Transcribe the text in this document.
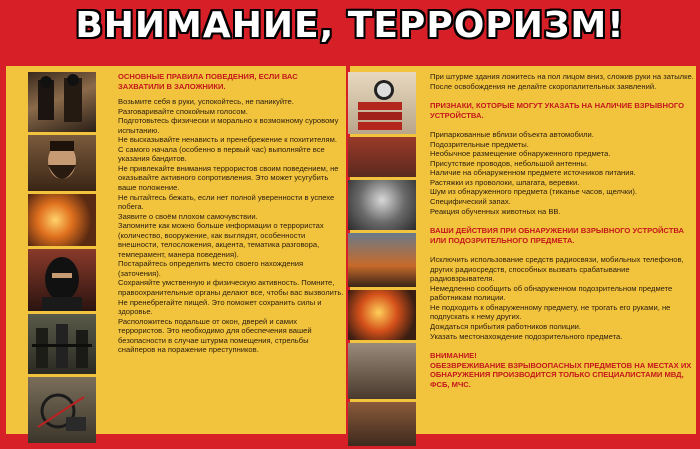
ВНИМАНИЕ, ТЕРРОРИЗМ!

ОСНОВНЫЕ ПРАВИЛА ПОВЕДЕНИЯ, ЕСЛИ ВАС ЗАХВАТИЛИ В ЗАЛОЖНИКИ.

Возьмите себя в руки, успокойтесь, не паникуйте.

Разговаривайте спокойным голосом.

Подготовьтесь физически и морально к возможному суровому испытанию.

Не высказывайте ненависть и пренебрежение к похитителям.

С самого начала (особенно в первый час) выполняйте все указания бандитов.

Не привлекайте внимания террористов своим поведением, не оказывайте активного сопротивления. Это может усугубить ваше положение.

Не пытайтесь бежать, если нет полной уверенности в успехе побега.

Заявите о своём плохом самочувствии.

Запомните как можно больше информации о террористах (количество, вооружение, как выглядят, особенности внешности, телосложения, акцента, тематика разговора, темперамент, манера поведения).

Постарайтесь определить место своего нахождения (заточения).

Сохраняйте умственную и физическую активность. Помните, правоохранительные органы делают все, чтобы вас вызволить.

Не пренебрегайте пищей. Это поможет сохранить силы и здоровье.

Расположитесь подальше от окон, дверей и самих террористов. Это необходимо для обеспечения вашей безопасности в случае штурма помещения, стрельбы снайперов на поражение преступников.

При штурме здания ложитесь на пол лицом вниз, сложив руки на затылке.

После освобождения не делайте скоропалительных заявлений.

ПРИЗНАКИ, КОТОРЫЕ МОГУТ УКАЗАТЬ НА НАЛИЧИЕ ВЗРЫВНОГО УСТРОЙСТВА.

Припаркованные вблизи объекта автомобили.

Подозрительные предметы.

Необычное размещение обнаруженного предмета.

Присутствие проводов, небольшой антенны.

Наличие на обнаруженном предмете источников питания.

Растяжки из проволоки, шпагата, веревки.

Шум из обнаруженного предмета (тиканье часов, щелчки).

Специфический запах.

Реакция обученных животных на ВВ.

ВАШИ ДЕЙСТВИЯ ПРИ ОБНАРУЖЕНИИ ВЗРЫВНОГО УСТРОЙСТВА ИЛИ ПОДОЗРИТЕЛЬНОГО ПРЕДМЕТА.

Исключить использование средств радиосвязи, мобильных телефонов, других радиосредств, способных вызвать срабатывание радиовзрывателя.

Немедленно сообщить об обнаруженном подозрительном предмете работникам полиции.

Не подходить к обнаруженному предмету, не трогать его руками, не подпускать к нему других.

Дождаться прибытия работников полиции.

Указать местонахождение подозрительного предмета.

ВНИМАНИЕ!

ОБЕЗВРЕЖИВАНИЕ ВЗРЫВООПАСНЫХ ПРЕДМЕТОВ НА МЕСТАХ ИХ ОБНАРУЖЕНИЯ ПРОИЗВОДИТСЯ ТОЛЬКО СПЕЦИАЛИСТАМИ МВД, ФСБ, МЧС.
